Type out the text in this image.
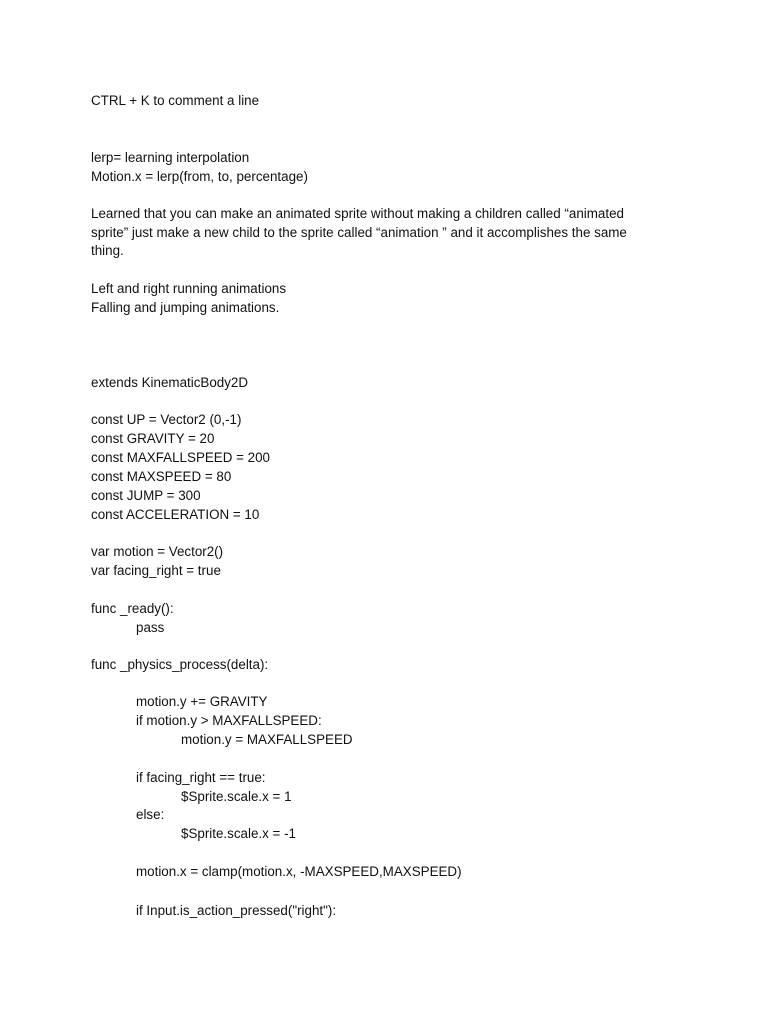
CTRL + K to comment a line
lerp= learning interpolation
Motion.x = lerp(from, to, percentage)
Learned that you can make an animated sprite without making a children called “animated sprite” just make a new child to the sprite called “animation ” and it accomplishes the same thing.
Left and right running animations
Falling and jumping animations.
extends KinematicBody2D
const UP = Vector2 (0,-1)
const GRAVITY = 20
const MAXFALLSPEED = 200
const MAXSPEED = 80
const JUMP = 300
const ACCELERATION = 10
var motion = Vector2()
var facing_right = true
func _ready():
pass
func _physics_process(delta):
motion.y += GRAVITY
if motion.y > MAXFALLSPEED:
motion.y = MAXFALLSPEED
if facing_right == true:
$Sprite.scale.x = 1
else:
$Sprite.scale.x = -1
motion.x = clamp(motion.x, -MAXSPEED,MAXSPEED)
if Input.is_action_pressed("right"):
